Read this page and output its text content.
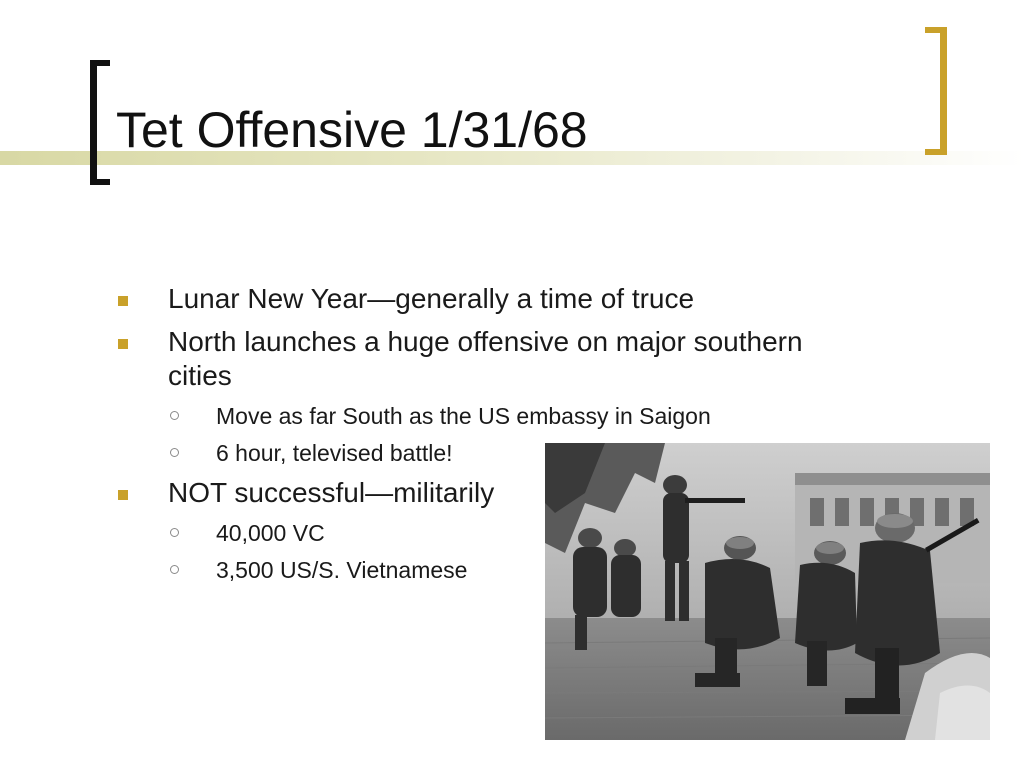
Tet Offensive 1/31/68
Lunar New Year—generally a time of truce
North launches a huge offensive on major southern cities
Move as far South as the US embassy in Saigon
6 hour, televised battle!
NOT successful—militarily
40,000 VC
3,500 US/S. Vietnamese
